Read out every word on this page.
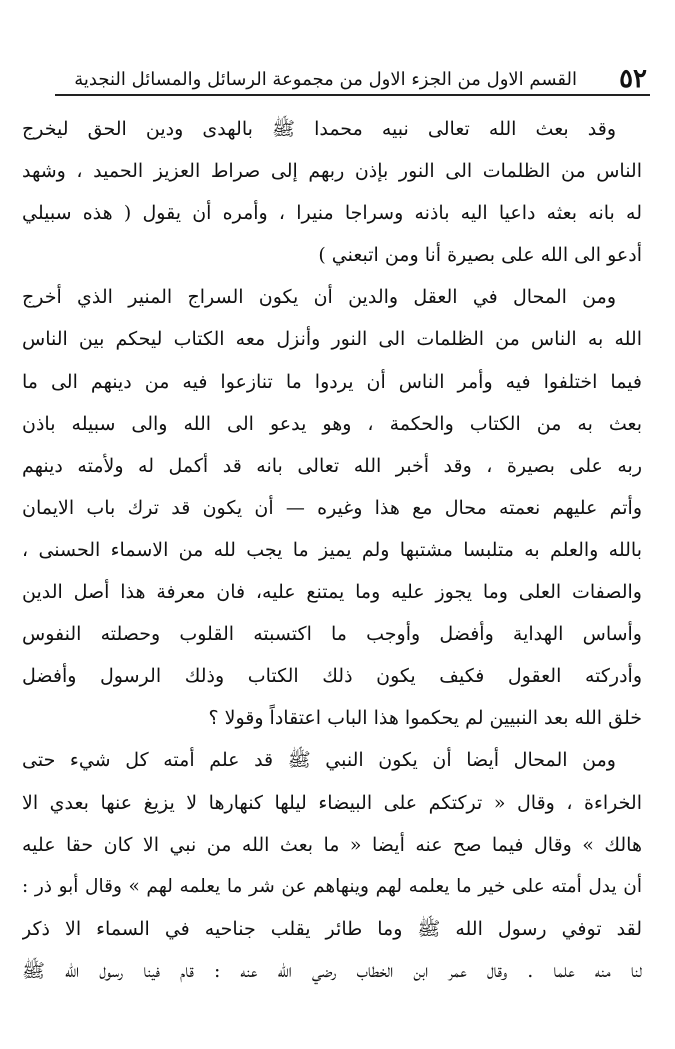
٥٢
القسم الاول من الجزء الاول من مجموعة الرسائل والمسائل النجدية
وقد بعث الله تعالى نبيه محمدا ﷺ بالهدى ودين الحق ليخرج
الناس من الظلمات الى النور بإذن ربهم إلى صراط العزيز الحميد ، وشهد
له بانه بعثه داعيا اليه باذنه وسراجا منيرا ، وأمره أن يقول ( هذه سبيلي
أدعو الى الله على بصيرة أنا ومن اتبعني )
ومن المحال في العقل والدين أن يكون السراج المنير الذي أخرج
الله به الناس من الظلمات الى النور وأنزل معه الكتاب ليحكم بين الناس
فيما اختلفوا فيه وأمر الناس أن يردوا ما تنازعوا فيه من دينهم الى ما
بعث به من الكتاب والحكمة ، وهو يدعو الى الله والى سبيله باذن
ربه على بصيرة ، وقد أخبر الله تعالى بانه قد أكمل له ولأمته دينهم
وأتم عليهم نعمته محال مع هذا وغيره — أن يكون قد ترك باب الايمان
بالله والعلم به متلبسا مشتبها ولم يميز ما يجب لله من الاسماء الحسنى ،
والصفات العلى وما يجوز عليه وما يمتنع عليه، فان معرفة هذا أصل الدين
وأساس الهداية وأفضل وأوجب ما اكتسبته القلوب وحصلته النفوس
وأدركته العقول فكيف يكون ذلك الكتاب وذلك الرسول وأفضل
خلق الله بعد النبيين لم يحكموا هذا الباب اعتقاداً وقولا ؟
ومن المحال أيضا أن يكون النبي ﷺ قد علم أمته كل شيء حتى
الخراءة ، وقال « تركتكم على البيضاء ليلها كنهارها لا يزيغ عنها بعدي الا
هالك » وقال فيما صح عنه أيضا « ما بعث الله من نبي الا كان حقا عليه
أن يدل أمته على خير ما يعلمه لهم وينهاهم عن شر ما يعلمه لهم » وقال أبو ذر :
لقد توفي رسول الله ﷺ وما طائر يقلب جناحيه في السماء الا ذكر
لنا منه علما . وقال عمر ابن الخطاب رضي الله عنه : قام فينا رسول الله ﷺ
